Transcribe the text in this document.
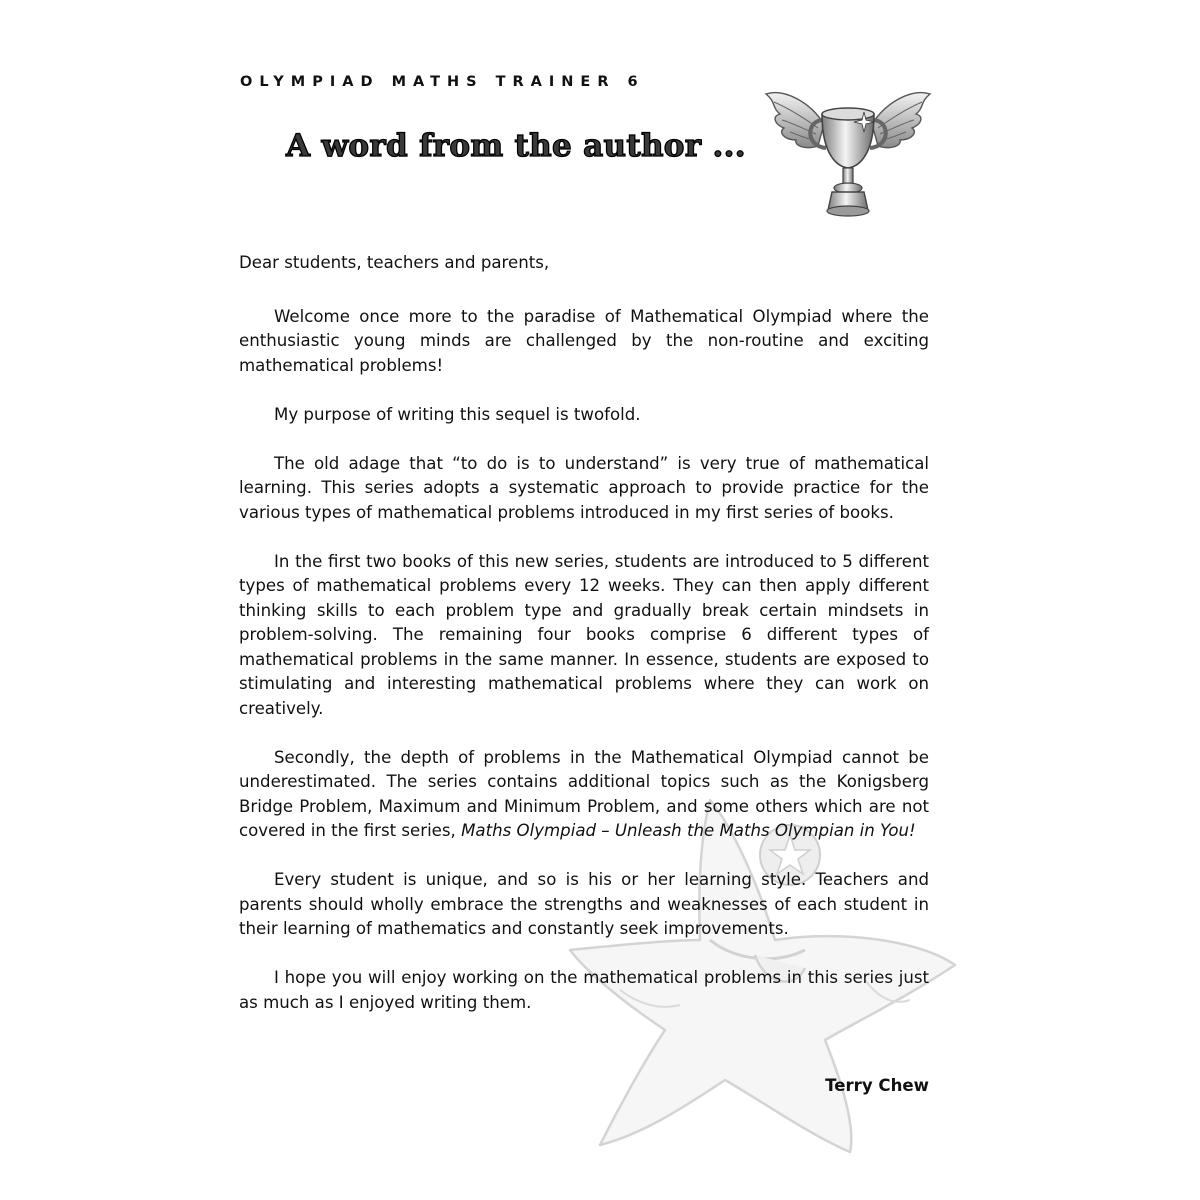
OLYMPIAD MATHS TRAINER 6
A word from the author ...

Dear students, teachers and parents,

Welcome once more to the paradise of Mathematical Olympiad where the enthusiastic young minds are challenged by the non-routine and exciting mathematical problems!

My purpose of writing this sequel is twofold.

The old adage that “to do is to understand” is very true of mathematical learning. This series adopts a systematic approach to provide practice for the various types of mathematical problems introduced in my first series of books.

In the first two books of this new series, students are introduced to 5 different types of mathematical problems every 12 weeks. They can then apply different thinking skills to each problem type and gradually break certain mindsets in problem-solving. The remaining four books comprise 6 different types of mathematical problems in the same manner. In essence, students are exposed to stimulating and interesting mathematical problems where they can work on creatively.

Secondly, the depth of problems in the Mathematical Olympiad cannot be underestimated. The series contains additional topics such as the Konigsberg Bridge Problem, Maximum and Minimum Problem, and some others which are not covered in the first series, Maths Olympiad – Unleash the Maths Olympian in You!

Every student is unique, and so is his or her learning style. Teachers and parents should wholly embrace the strengths and weaknesses of each student in their learning of mathematics and constantly seek improvements.

I hope you will enjoy working on the mathematical problems in this series just as much as I enjoyed writing them.

Terry Chew
